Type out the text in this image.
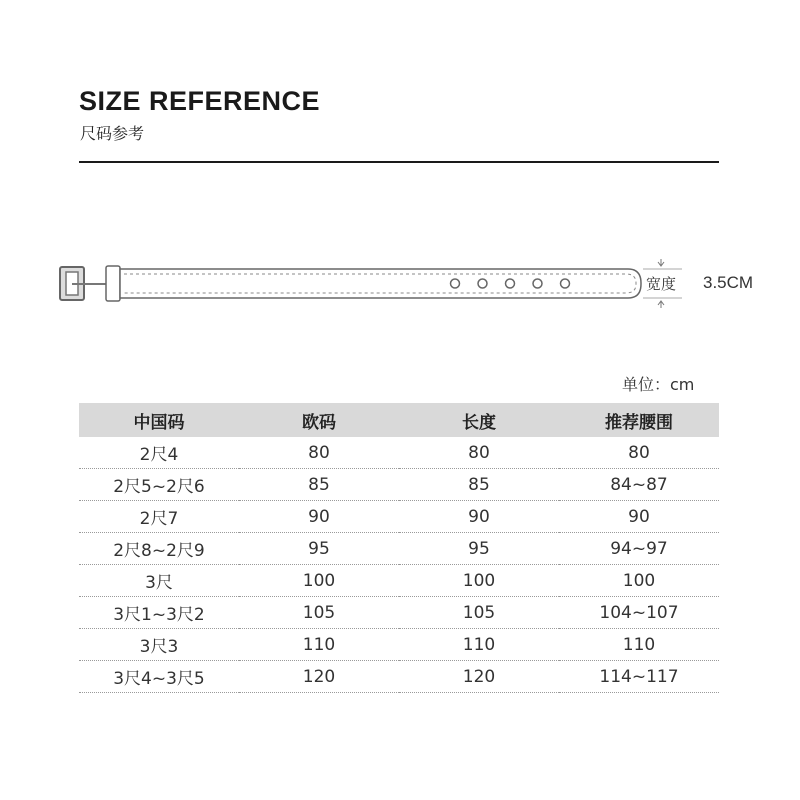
SIZE REFERENCE
尺码参考
宽度 3.5CM
单位：cm
中国码	欧码	长度	推荐腰围
2尺4	80	80	80
2尺5~2尺6	85	85	84~87
2尺7	90	90	90
2尺8~2尺9	95	95	94~97
3尺	100	100	100
3尺1~3尺2	105	105	104~107
3尺3	110	110	110
3尺4~3尺5	120	120	114~117
